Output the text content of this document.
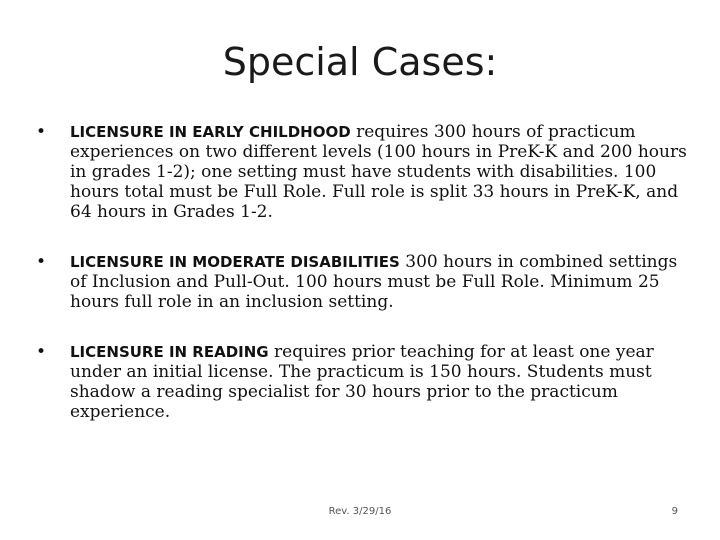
Special Cases:
• LICENSURE IN EARLY CHILDHOOD requires 300 hours of practicum experiences on two different levels (100 hours in PreK-K and 200 hours in grades 1-2); one setting must have students with disabilities. 100 hours total must be Full Role. Full role is split 33 hours in PreK-K, and 64 hours in Grades 1-2.
• LICENSURE IN MODERATE DISABILITIES 300 hours in combined settings of Inclusion and Pull-Out. 100 hours must be Full Role. Minimum 25 hours full role in an inclusion setting.
• LICENSURE IN READING requires prior teaching for at least one year under an initial license. The practicum is 150 hours. Students must shadow a reading specialist for 30 hours prior to the practicum experience.
Rev. 3/29/16	9
